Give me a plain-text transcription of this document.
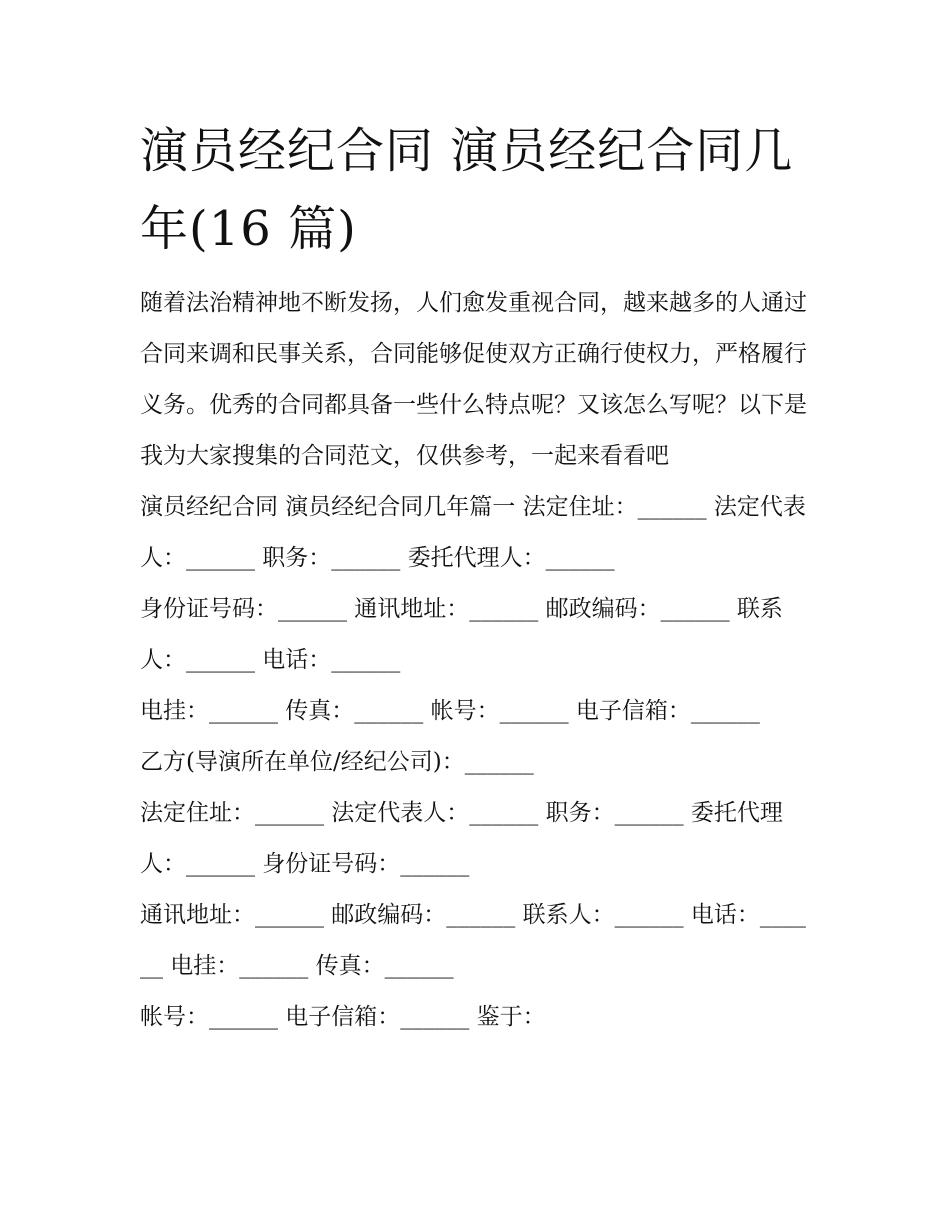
演员经纪合同 演员经纪合同几年(16 篇)

随着法治精神地不断发扬，人们愈发重视合同，越来越多的人通过合同来调和民事关系，合同能够促使双方正确行使权力，严格履行义务。优秀的合同都具备一些什么特点呢？又该怎么写呢？以下是我为大家搜集的合同范文，仅供参考，一起来看看吧

演员经纪合同 演员经纪合同几年篇一 法定住址：______ 法定代表人：______ 职务：______ 委托代理人：______

身份证号码：______ 通讯地址：______ 邮政编码：______ 联系人：______ 电话：______

电挂：______ 传真：______ 帐号：______ 电子信箱：______

乙方(导演所在单位/经纪公司)：______

法定住址：______ 法定代表人：______ 职务：______ 委托代理人：______ 身份证号码：______

通讯地址：______ 邮政编码：______ 联系人：______ 电话：______ 电挂：______ 传真：______

帐号：______ 电子信箱：______ 鉴于：
